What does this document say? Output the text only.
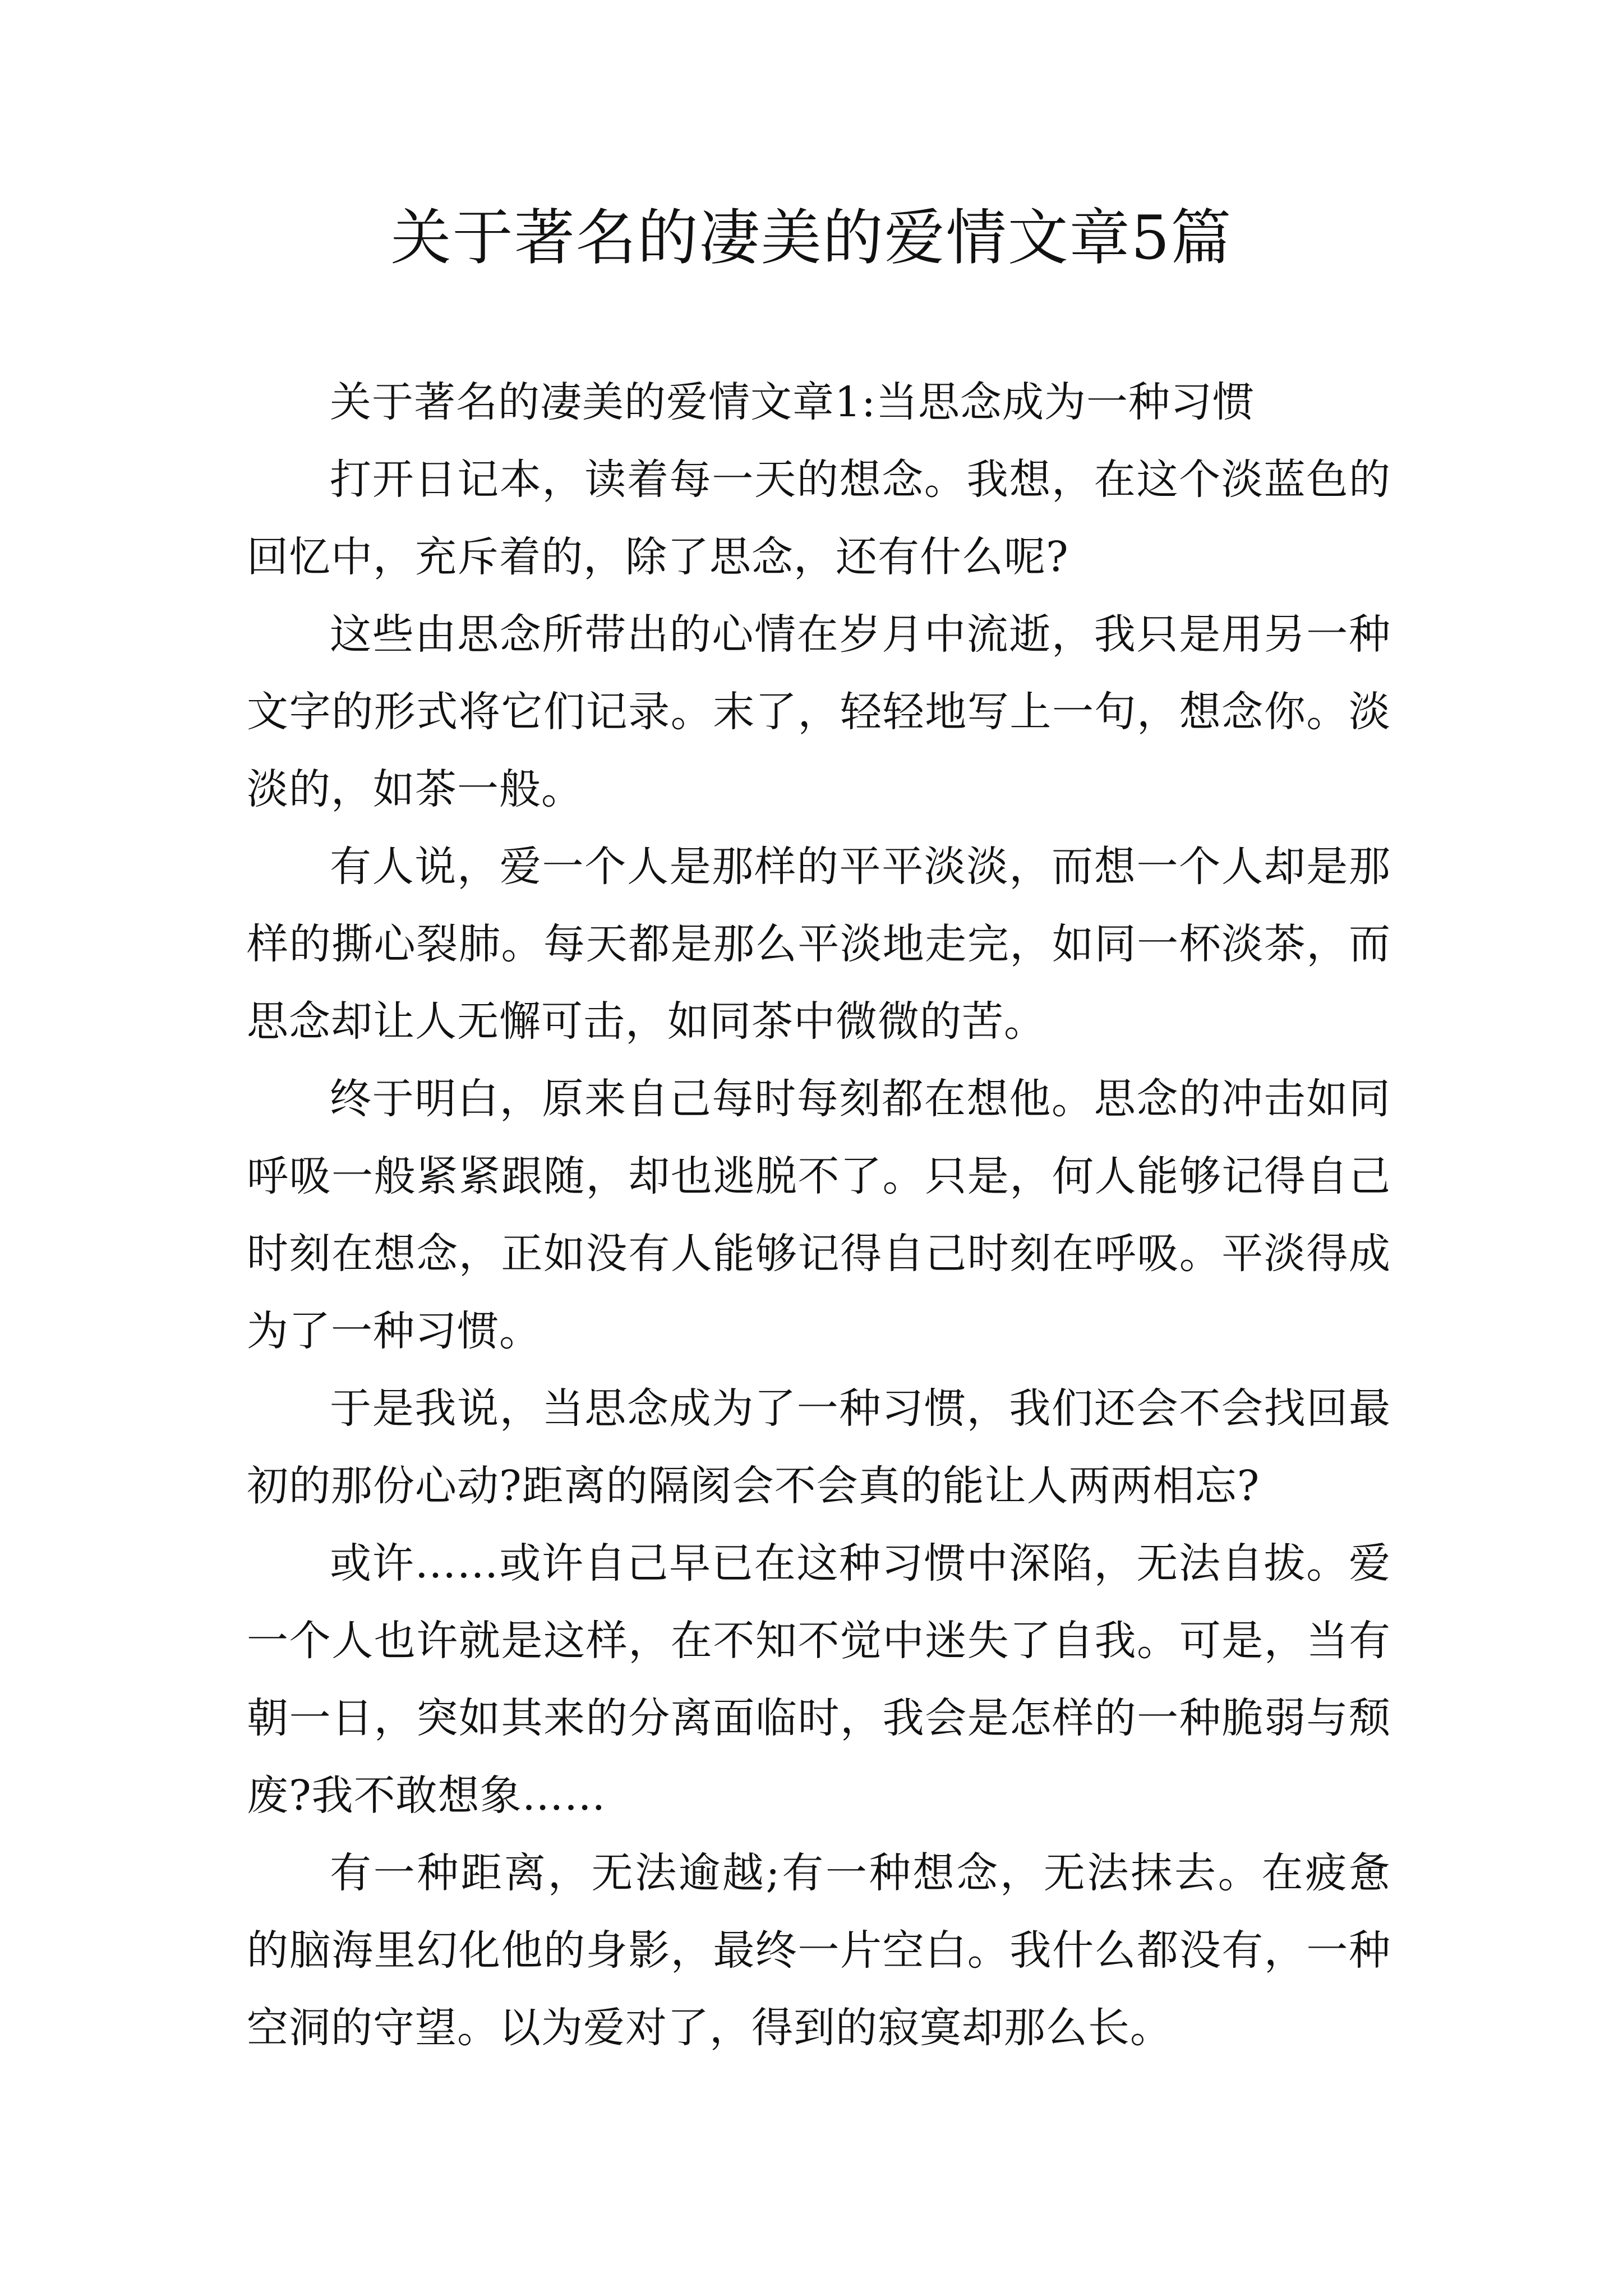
关于著名的凄美的爱情文章5篇

关于著名的凄美的爱情文章1:当思念成为一种习惯

打开日记本，读着每一天的想念。我想，在这个淡蓝色的回忆中，充斥着的，除了思念，还有什么呢?

这些由思念所带出的心情在岁月中流逝，我只是用另一种文字的形式将它们记录。末了，轻轻地写上一句，想念你。淡淡的，如茶一般。

有人说，爱一个人是那样的平平淡淡，而想一个人却是那样的撕心裂肺。每天都是那么平淡地走完，如同一杯淡茶，而思念却让人无懈可击，如同茶中微微的苦。

终于明白，原来自己每时每刻都在想他。思念的冲击如同呼吸一般紧紧跟随，却也逃脱不了。只是，何人能够记得自己时刻在想念，正如没有人能够记得自己时刻在呼吸。平淡得成为了一种习惯。

于是我说，当思念成为了一种习惯，我们还会不会找回最初的那份心动?距离的隔阂会不会真的能让人两两相忘?

或许……或许自己早已在这种习惯中深陷，无法自拔。爱一个人也许就是这样，在不知不觉中迷失了自我。可是，当有朝一日，突如其来的分离面临时，我会是怎样的一种脆弱与颓废?我不敢想象……

有一种距离，无法逾越;有一种想念，无法抹去。在疲惫的脑海里幻化他的身影，最终一片空白。我什么都没有，一种空洞的守望。以为爱对了，得到的寂寞却那么长。
